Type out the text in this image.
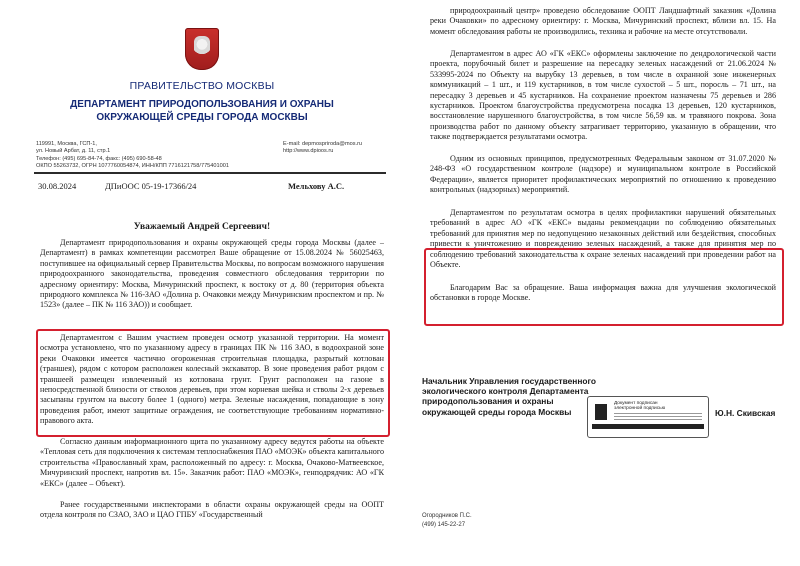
ПРАВИТЕЛЬСТВО МОСКВЫ
ДЕПАРТАМЕНТ ПРИРОДОПОЛЬЗОВАНИЯ И ОХРАНЫ
ОКРУЖАЮЩЕЙ СРЕДЫ ГОРОДА МОСКВЫ
119991, Москва, ГСП-1,
ул. Новый Арбат, д. 11, стр.1
Телефон: (495) 695-84-74, факс: (495) 690-58-48
ОКПО 55263732, ОГРН 1077760054874, ИНН/КПП 7716121758/775401001
E-mail: depmospriroda@mos.ru
http://www.dpioos.ru
30.08.2024	ДПиООС 05-19-17366/24	Мельхову А.С.
Уважаемый Андрей Сергеевич!

Департамент природопользования и охраны окружающей среды города Москвы (далее – Департамент) в рамках компетенции рассмотрел Ваше обращение от 15.08.2024 № 56025463, поступившее на официальный сервер Правительства Москвы, по вопросам возможного нарушения природоохранного законодательства, проведения совместного обследования территории по адресному ориентиру: Москва, Мичуринский проспект, к востоку от д. 80 (территория объекта природного комплекса № 116-ЗАО «Долина р. Очаковки между Мичуринским проспектом и пр. № 1523» (далее – ПК № 116 ЗАО)) и сообщает.

Департаментом с Вашим участием проведен осмотр указанной территории. На момент осмотра установлено, что по указанному адресу в границах ПК № 116 ЗАО, в водоохраной зоне реки Очаковки имеется частично огороженная строительная площадка, разрытый котлован (траншея), рядом с котором расположен колесный экскаватор. В зоне проведения работ рядом с траншеей размещен извлеченный из котлована грунт. Грунт расположен на газоне в непосредственной близости от стволов деревьев, при этом корневая шейка и стволы 2-х деревьев засыпаны грунтом на высоту более 1 (одного) метра. Зеленые насаждения, попадающие в зону проведения работ, имеют защитные ограждения, не соответствующие требованиям нормативно-правового акта.

Согласно данным информационного щита по указанному адресу ведутся работы на объекте «Тепловая сеть для подключения к системам теплоснабжения ПАО «МОЭК» объекта капитального строительства «Православный храм, расположенный по адресу: г. Москва, Очаково-Матвеевское, Мичуринский проспект, напротив вл. 15». Заказчик работ: ПАО «МОЭК», генподрядчик: АО «ГК «ЕКС» (далее – Объект).

Ранее государственными инспекторами в области охраны окружающей среды на ООПТ отдела контроля по СЗАО, ЗАО и ЦАО ГПБУ «Государственный

природоохранный центр» проведено обследование ООПТ Ландшафтный заказник «Долина реки Очаковки» по адресному ориентиру: г. Москва, Мичуринский проспект, вблизи вл. 15. На момент обследования работы не производились, техника и рабочие на месте отсутствовали.

Департаментом в адрес АО «ГК «ЕКС» оформлены заключение по дендрологической части проекта, порубочный билет и разрешение на пересадку зеленых насаждений от 21.06.2024 № 533995-2024 по Объекту на вырубку 13 деревьев, в том числе в охранной зоне инженерных коммуникаций – 1 шт., и 119 кустарников, в том числе сухостой – 5 шт., поросль – 71 шт., на пересадку 3 деревьев и 45 кустарников. На сохранение проектом назначены 75 деревьев и 286 кустарников. Проектом благоустройства предусмотрена посадка 13 деревьев, 120 кустарников, восстановление нарушенного благоустройства, в том числе 56,59 кв. м травяного покрова. Зона производства работ по данному объекту затрагивает территорию, указанную в обращении, что также подтверждается результатами осмотра.

Одним из основных принципов, предусмотренных Федеральным законом от 31.07.2020 № 248-ФЗ «О государственном контроле (надзоре) и муниципальном контроле в Российской Федерации», является приоритет профилактических мероприятий по отношению к проведению контрольных (надзорных) мероприятий.

Департаментом по результатам осмотра в целях профилактики нарушений обязательных требований в адрес АО «ГК «ЕКС» выданы рекомендации по соблюдению обязательных требований для принятия мер по недопущению незаконных действий или бездействия, способных привести к уничтожению и повреждению зеленых насаждений, а также для принятия мер по соблюдению требований законодательства к охране зеленых насаждений при проведении работ на Объекте.

Благодарим Вас за обращение. Ваша информация важна для улучшения экологической обстановки в городе Москве.

Начальник Управления государственного экологического контроля Департамента природопользования и охраны окружающей среды города Москвы
Документ подписан
электронной подписью	Ю.Н. Скивская
Огородников П.С.
(499) 145-22-27
